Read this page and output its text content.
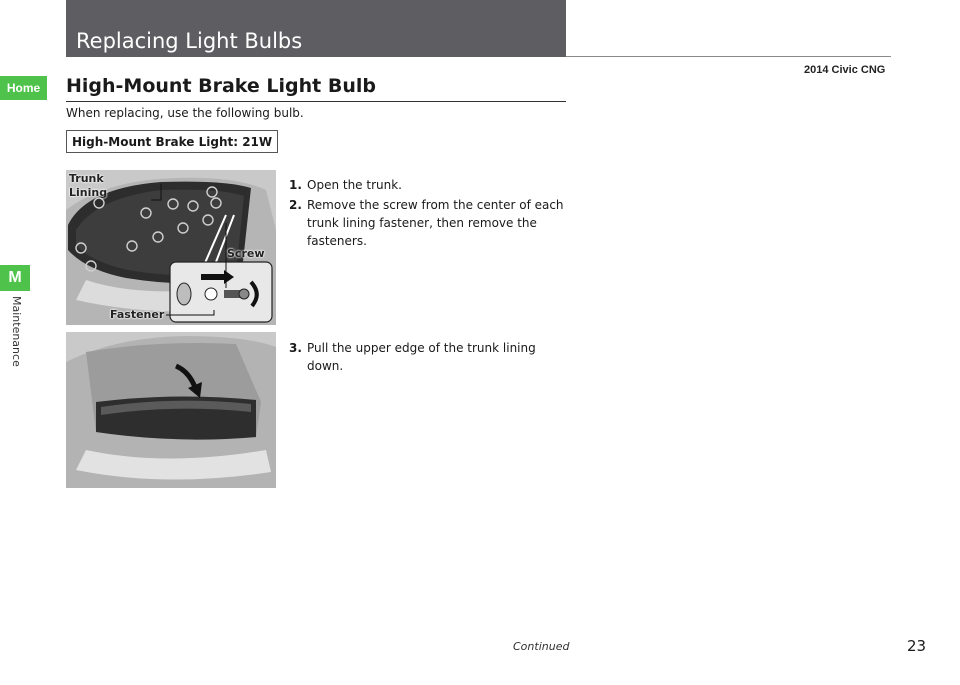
Replacing Light Bulbs
2014 Civic CNG
Home
M
Maintenance
High-Mount Brake Light Bulb
When replacing, use the following bulb.
High-Mount Brake Light: 21W
Trunk
Lining
Screw
Fastener
1. Open the trunk.
2. Remove the screw from the center of each
trunk lining fastener, then remove the
fasteners.
3. Pull the upper edge of the trunk lining
down.
Continued	23
